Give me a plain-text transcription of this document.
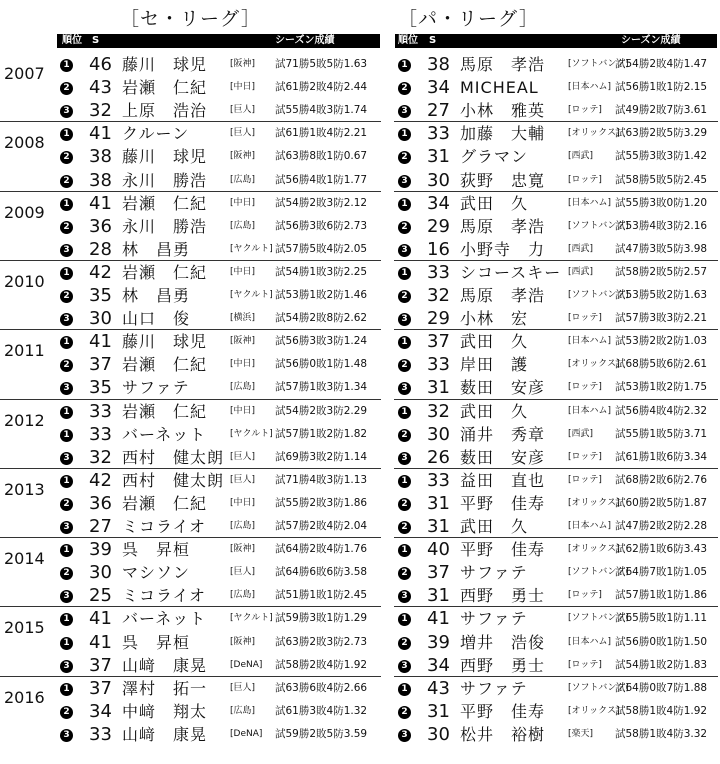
［セ・リーグ］
順位 S	シーズン成績
［パ・リーグ］
順位 S	シーズン成績
2007	1 46 藤川　球児	[阪神] 試71勝5敗5防1.63
2 43 岩瀬　仁紀	[中日] 試61勝2敗4防2.44
3 32 上原　浩治	[巨人] 試55勝4敗3防1.74
1 38 馬原　孝浩	[ソフトバンク]
試54勝2敗4防1.47
2 34 MICHEAL	[日本ハム] 試56勝1敗1防2.15
3 27 小林　雅英	[ロッテ] 試49勝2敗7防3.61
2008	1 41 クルーン	[巨人] 試61勝1敗4防2.21
2 38 藤川　球児	[阪神] 試63勝8敗1防0.67
2 38 永川　勝浩	[広島] 試56勝4敗1防1.77
1 33 加藤　大輔	[オリックス]
試63勝2敗5防3.29
2 31 グラマン	[西武] 試55勝3敗3防1.42
3 30 荻野　忠寛	[ロッテ] 試58勝5敗5防2.45
2009	1 41 岩瀬　仁紀	[中日] 試54勝2敗3防2.12
2 36 永川　勝浩	[広島] 試56勝3敗6防2.73
3 28 林　昌勇	[ヤクルト] 試57勝5敗4防2.05
1 34 武田　久	[日本ハム] 試55勝3敗0防1.20
2 29 馬原　孝浩	[ソフトバンク]
試53勝4敗3防2.16
3 16 小野寺　力	[西武] 試47勝3敗5防3.98
2010	1 42 岩瀬　仁紀	[中日] 試54勝1敗3防2.25
2 35 林　昌勇	[ヤクルト] 試53勝1敗2防1.46
3 30 山口　俊	[横浜] 試54勝2敗8防2.62
1 33 シコースキー [西武] 試58勝2敗5防2.57
2 32 馬原　孝浩	[ソフトバンク]
試53勝5敗2防1.63
3 29 小林　宏	[ロッテ] 試57勝3敗3防2.21
2011	1 41 藤川　球児	[阪神] 試56勝3敗3防1.24
2 37 岩瀬　仁紀	[中日] 試56勝0敗1防1.48
3 35 サファテ	[広島] 試57勝1敗3防1.34
1 37 武田　久	[日本ハム] 試53勝2敗2防1.03
2 33 岸田　護	[オリックス]
試68勝5敗6防2.61
3 31 薮田　安彦	[ロッテ] 試53勝1敗2防1.75
2012	1 33 岩瀬　仁紀	[中日] 試54勝2敗3防2.29
1 33 バーネット	[ヤクルト] 試57勝1敗2防1.82
3 32 西村　健太朗 [巨人] 試69勝3敗2防1.14
1 32 武田　久	[日本ハム] 試56勝4敗4防2.32
2 30 涌井　秀章	[西武] 試55勝1敗5防3.71
3 26 薮田　安彦	[ロッテ] 試61勝1敗6防3.34
2013	1 42 西村　健太朗 [巨人] 試71勝4敗3防1.13
2 36 岩瀬　仁紀	[中日] 試55勝2敗3防1.86
3 27 ミコライオ	[広島] 試57勝2敗4防2.04
1 33 益田　直也	[ロッテ] 試68勝2敗6防2.76
2 31 平野　佳寿	[オリックス]
試60勝2敗5防1.87
2 31 武田　久	[日本ハム] 試47勝2敗2防2.28
2014	1 39 呉　昇桓	[阪神] 試64勝2敗4防1.76
2 30 マシソン	[巨人] 試64勝6敗6防3.58
3 25 ミコライオ	[広島] 試51勝1敗1防2.45
1 40 平野　佳寿	[オリックス]
試62勝1敗6防3.43
2 37 サファテ	[ソフトバンク]
試64勝7敗1防1.05
3 31 西野　勇士	[ロッテ] 試57勝1敗1防1.86
2015	1 41 バーネット	[ヤクルト] 試59勝3敗1防1.29
1 41 呉　昇桓	[阪神] 試63勝2敗3防2.73
3 37 山﨑　康晃	[DeNA] 試58勝2敗4防1.92
1 41 サファテ	[ソフトバンク]
試65勝5敗1防1.11
2 39 増井　浩俊	[日本ハム] 試56勝0敗1防1.50
3 34 西野　勇士	[ロッテ] 試54勝1敗2防1.83
2016	1 37 澤村　拓一	[巨人] 試63勝6敗4防2.66
2 34 中﨑　翔太	[広島] 試61勝3敗4防1.32
3 33 山﨑　康晃	[DeNA] 試59勝2敗5防3.59
1 43 サファテ	[ソフトバンク]
試64勝0敗7防1.88
2 31 平野　佳寿	[オリックス]
試58勝1敗4防1.92
3 30 松井　裕樹	[楽天] 試58勝1敗4防3.32
